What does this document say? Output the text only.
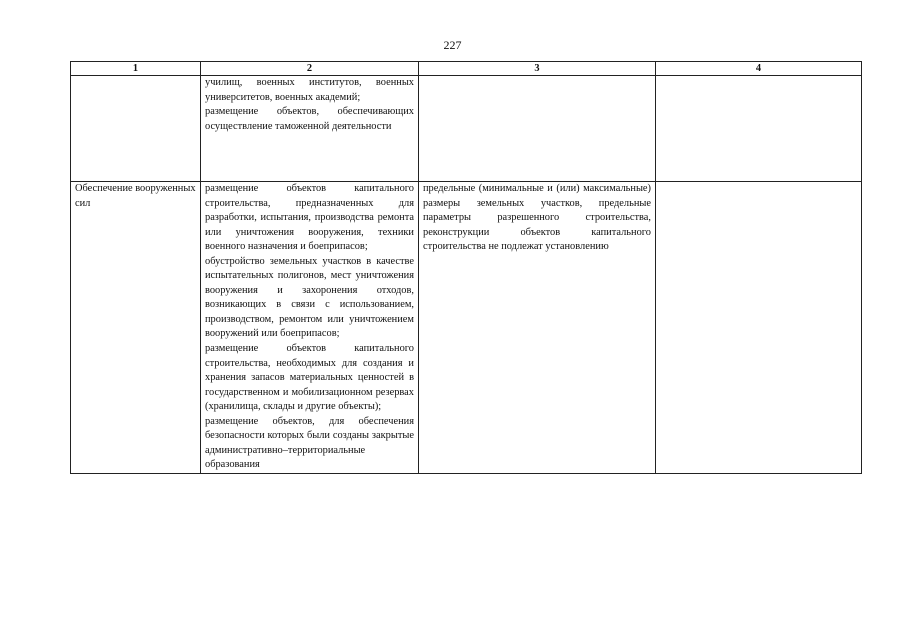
227
1	2	3	4

	училищ, военных институтов, военных университетов, военных академий;
размещение объектов, обеспечивающих осуществление таможенной деятельности		

Обеспечение вооруженных сил	размещение объектов капитального строительства, предназначенных для разработки, испытания, производства ремонта или уничтожения вооружения, техники военного назначения и боеприпасов;
обустройство земельных участков в качестве испытательных полигонов, мест уничтожения вооружения и захоронения отходов, возникающих в связи с использованием, производством, ремонтом или уничтожением вооружений или боеприпасов;
размещение объектов капитального строительства, необходимых для создания и хранения запасов материальных ценностей в государственном и мобилизационном резервах (хранилища, склады и другие объекты);
размещение объектов, для обеспечения безопасности которых были созданы закрытые административно–территориальные образования	предельные (минимальные и (или) максимальные) размеры земельных участков, предельные параметры разрешенного строительства, реконструкции объектов капитального строительства не подлежат установлению	
